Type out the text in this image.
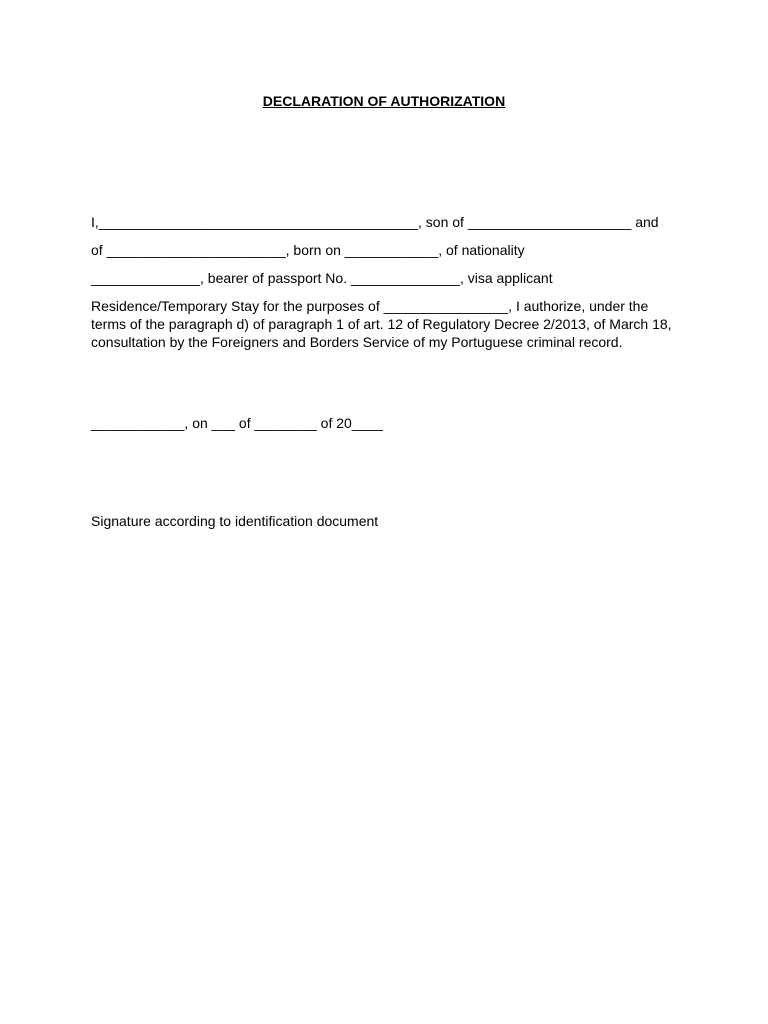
DECLARATION OF AUTHORIZATION

I,_________________________________________, son of _____________________ and

of _______________________, born on ____________, of nationality

______________, bearer of passport No. ______________, visa applicant

Residence/Temporary Stay for the purposes of ________________, I authorize, under the
terms of the paragraph d) of paragraph 1 of art. 12 of Regulatory Decree 2/2013, of March 18,
consultation by the Foreigners and Borders Service of my Portuguese criminal record.

____________, on ___ of ________ of 20____

Signature according to identification document
